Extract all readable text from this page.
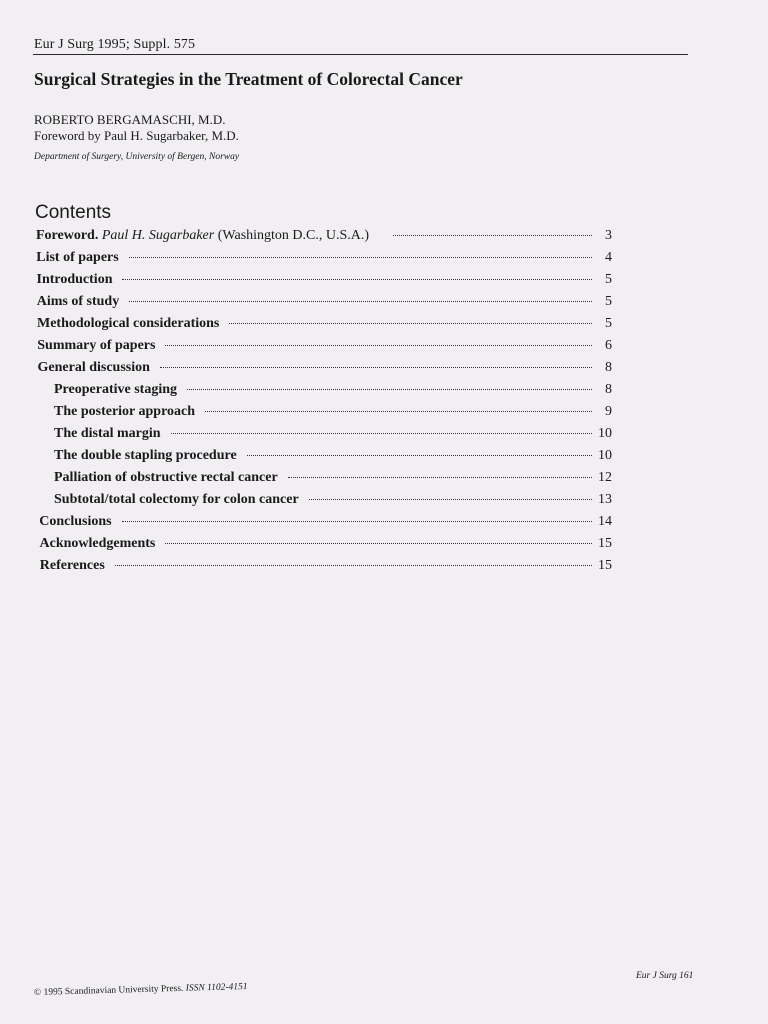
Eur J Surg 1995; Suppl. 575
Surgical Strategies in the Treatment of Colorectal Cancer
ROBERTO BERGAMASCHI, M.D.
Foreword by Paul H. Sugarbaker, M.D.
Department of Surgery, University of Bergen, Norway
Contents
Foreword. Paul H. Sugarbaker (Washington D.C., U.S.A.)	3
List of papers	4
Introduction	5
Aims of study	5
Methodological considerations	5
Summary of papers	6
General discussion	8
Preoperative staging	8
The posterior approach	9
The distal margin	10
The double stapling procedure	10
Palliation of obstructive rectal cancer	12
Subtotal/total colectomy for colon cancer	13
Conclusions	14
Acknowledgements	15
References	15
Eur J Surg 161
© 1995 Scandinavian University Press. ISSN 1102-4151
